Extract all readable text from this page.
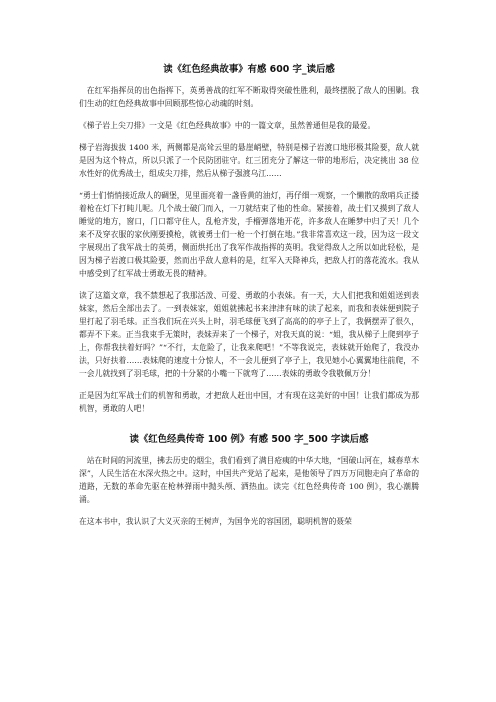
读《红色经典故事》有感 600 字_读后感

在红军指挥员的出色指挥下，英勇善战的红军不断取得突破性胜利，最终摆脱了敌人的围剿。我们生动的红色经典故事中回顾那些惊心动魂的时刻。

《梯子岩上尖刀排》一文是《红色经典故事》中的一篇文章，虽然普通但是我的最爱。

梯子岩海拔拔 1400 米，两侧都是高耸云里的悬崖峭壁，特别是梯子岩渡口地形极其险要，敌人就是因为这个特点，所以只派了一个民防团驻守。红三团充分了解这一带的地形后，决定挑出 38 位水性好的优秀战士，组成尖刀排，然后从梯子强渡乌江……

“勇士们悄悄接近敌人的碉堡，见里面亮着一盏昏黄的油灯，再仔细一观察，一个懒散的敌哨兵正搂着枪在灯下打盹儿呢。几个战士破门而入，一刀就结束了他的性命。紧接着，战士们又摸到了敌人睡觉的地方，窗口，门口都守住人，乱枪齐发，手榴弹落地开花，许多敌人在睡梦中归了天！几个来不及穿衣服的家伙刚要摸枪，就被勇士们一枪一个打倒在地。”我非常喜欢这一段，因为这一段文字展现出了我军战士的英勇，侧面烘托出了我军作战指挥的英明。我觉得敌人之所以如此轻松，是因为梯子岩渡口极其险要，然而出乎敌人意料的是，红军入天降神兵，把敌人打的落花流水。我从中感受到了红军战士勇敢无畏的精神。

读了这篇文章，我不禁想起了我那活泼、可爱、勇敢的小表妹。有一天，大人们把我和姐姐送到表妹家，然后全部出去了。一到表妹家，姐姐就拂起书来津津有味的读了起来，而我和表妹便到院子里打起了羽毛球。正当我们玩在兴头上时，羽毛球便飞到了高高的的亭子上了，我俩摆弄了很久，都弄不下来。正当我束手无策时，表妹弄来了一个梯子，对我天真的说：“姐，我从梯子上爬到亭子上，你帮我扶着好吗？”“不行，太危险了，让我来爬吧！”不等我说完，表妹就开始爬了，我没办法，只好扶着……表妹爬的速度十分惊人，不一会儿便到了亭子上，我见她小心翼翼地往前爬，不一会儿就找到了羽毛球，把的十分紧的小嘴一下就弯了……表妹的勇敢令我敬佩万分！

正是因为红军战士们的机智和勇敢，才把敌人赶出中国，才有现在这美好的中国！让我们都成为那机智，勇敢的人吧！

读《红色经典传奇 100 例》有感 500 字_500 字读后感

站在时间的河流里，拂去历史的烟尘，我们看到了满目疮痍的中华大地，“国破山河在，城春草木深”，人民生活在水深火热之中。这时，中国共产党站了起来，是他领导了四万万同胞走向了革命的道路，无数的革命先驱在枪林弹雨中抛头颅、洒热血。读完《红色经典传奇 100 例》，我心潮腾涌。

在这本书中，我认识了大义灭亲的王树声，为国争光的容国团，聪明机智的聂荣
